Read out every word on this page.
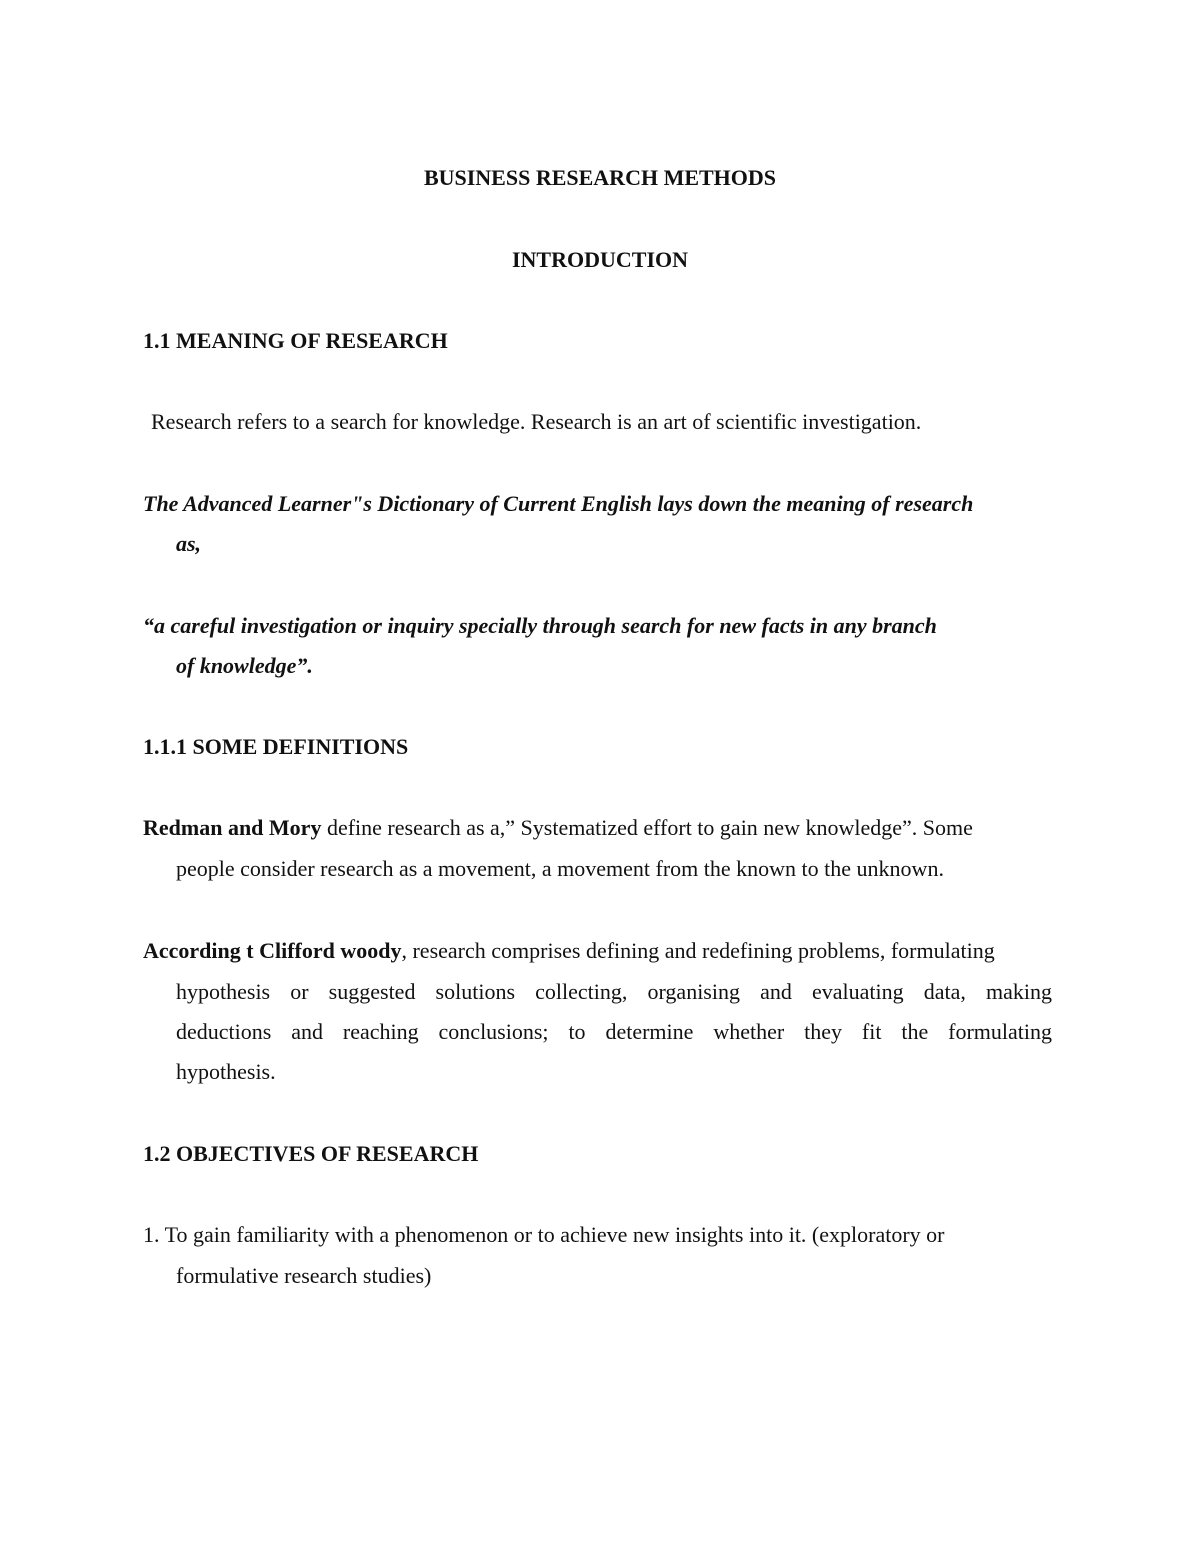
BUSINESS RESEARCH METHODS
INTRODUCTION
1.1 MEANING OF RESEARCH
Research refers to a search for knowledge. Research is an art of scientific investigation.
The Advanced Learner"s Dictionary of Current English lays down the meaning of research
as,
“a careful investigation or inquiry specially through search for new facts in any branch
of knowledge”.
1.1.1 SOME DEFINITIONS
Redman and Mory define research as a,” Systematized effort to gain new knowledge”. Some
people consider research as a movement, a movement from the known to the unknown.
According t Clifford woody, research comprises defining and redefining problems, formulating
hypothesis or suggested solutions collecting, organising and evaluating data, making
deductions and reaching conclusions; to determine whether they fit the formulating
hypothesis.
1.2 OBJECTIVES OF RESEARCH
1. To gain familiarity with a phenomenon or to achieve new insights into it. (exploratory or
formulative research studies)
